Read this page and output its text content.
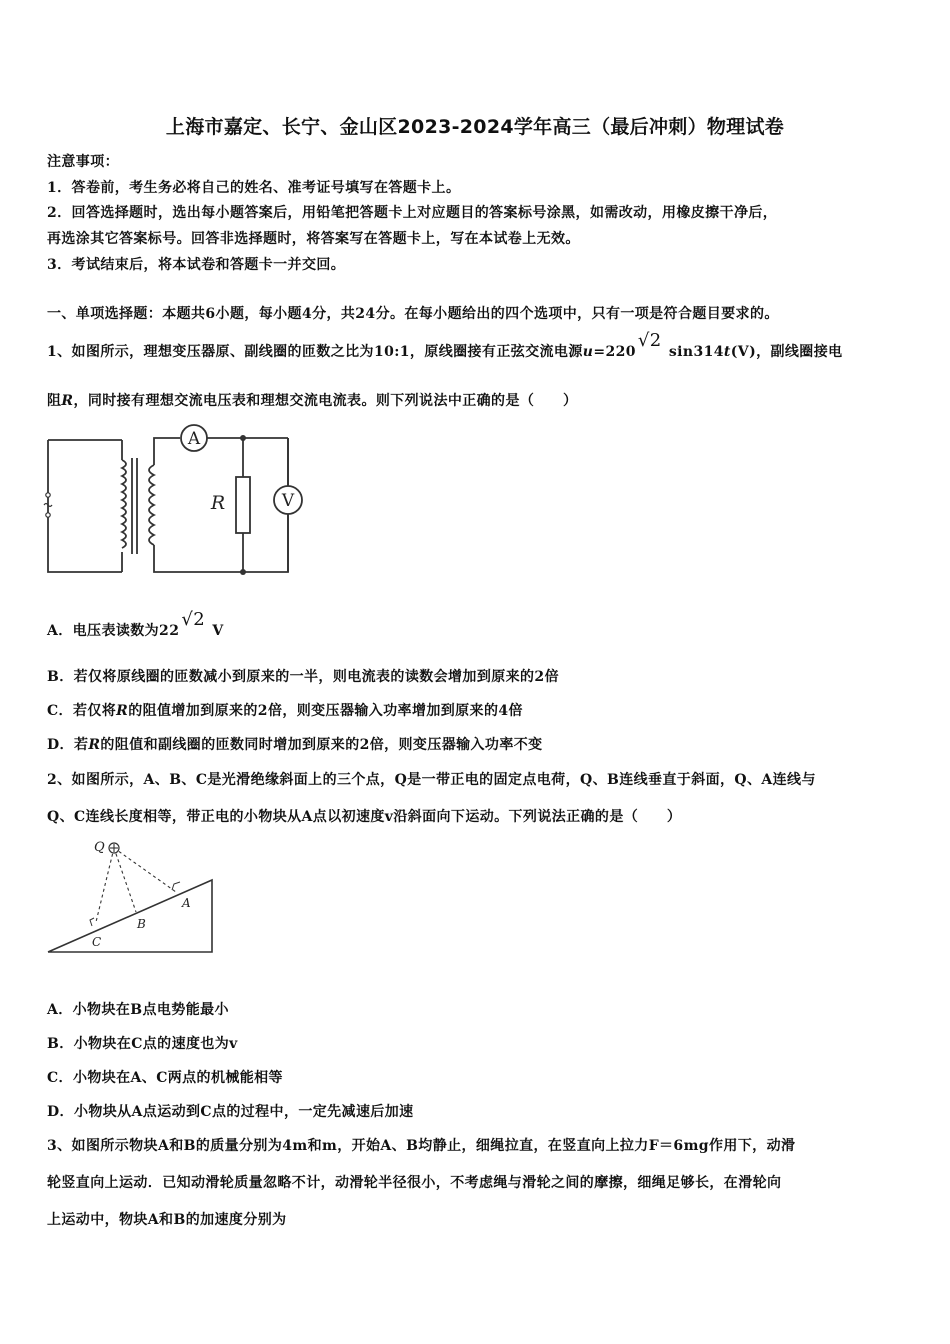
上海市嘉定、长宁、金山区2023-2024学年高三（最后冲刺）物理试卷
注意事项：
1．答卷前，考生务必将自己的姓名、准考证号填写在答题卡上。
2．回答选择题时，选出每小题答案后，用铅笔把答题卡上对应题目的答案标号涂黑，如需改动，用橡皮擦干净后，
再选涂其它答案标号。回答非选择题时，将答案写在答题卡上，写在本试卷上无效。
3．考试结束后，将本试卷和答题卡一并交回。
一、单项选择题：本题共6小题，每小题4分，共24分。在每小题给出的四个选项中，只有一项是符合题目要求的。
1、如图所示，理想变压器原、副线圈的匝数之比为10:1，原线圈接有正弦交流电源u=220√2 sin314t(V)，副线圈接电
阻R，同时接有理想交流电压表和理想交流电流表。则下列说法中正确的是（　　）
A
V
R
A．电压表读数为22√2 V
B．若仅将原线圈的匝数减小到原来的一半，则电流表的读数会增加到原来的2倍
C．若仅将R的阻值增加到原来的2倍，则变压器输入功率增加到原来的4倍
D．若R的阻值和副线圈的匝数同时增加到原来的2倍，则变压器输入功率不变
2、如图所示，A、B、C是光滑绝缘斜面上的三个点，Q是一带正电的固定点电荷，Q、B连线垂直于斜面，Q、A连线与
Q、C连线长度相等，带正电的小物块从A点以初速度v沿斜面向下运动。下列说法正确的是（　　）
Q
A
B
C
A．小物块在B点电势能最小
B．小物块在C点的速度也为v
C．小物块在A、C两点的机械能相等
D．小物块从A点运动到C点的过程中，一定先减速后加速
3、如图所示物块A和B的质量分别为4m和m，开始A、B均静止，细绳拉直，在竖直向上拉力F＝6mg作用下，动滑
轮竖直向上运动．已知动滑轮质量忽略不计，动滑轮半径很小，不考虑绳与滑轮之间的摩擦，细绳足够长，在滑轮向
上运动中，物块A和B的加速度分别为
